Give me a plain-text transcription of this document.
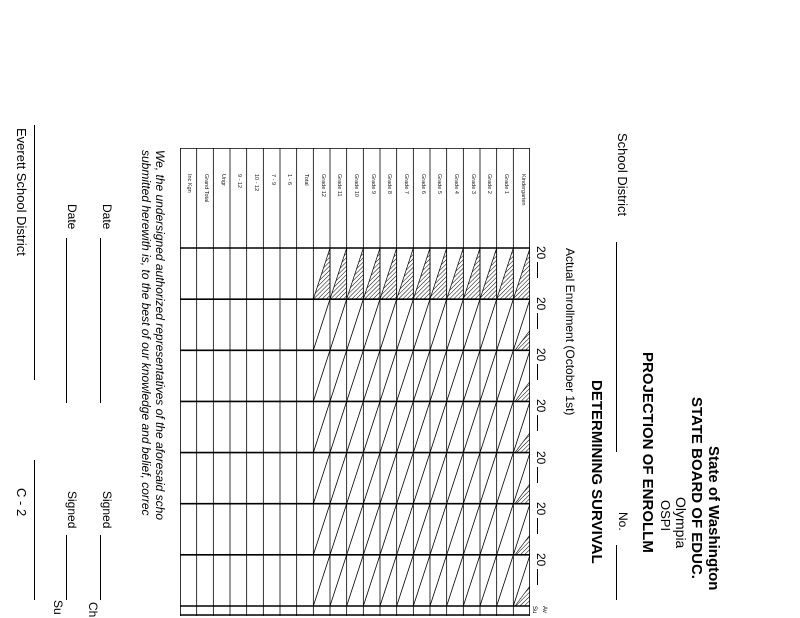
State of Washington
STATE BOARD OF EDUC.
Olympia
OSPI
PROJECTION OF ENROLLM
DETERMINING SURVIVAL
School District
No.
Actual Enrollment (October 1st)
20
20
20
20
20
20
20
Av
Su
Kindergarten
Grade 1
Grade 2
Grade 3
Grade 4
Grade 5
Grade 6
Grade 7
Grade 8
Grade 9
Grade 10
Grade 11
Grade 12
Total
1 - 6
7 - 9
10 - 12
9 - 12
Ungr
Grand Total
Inc Kgn
We, the undersigned authorized representatives of the aforesaid scho
submitted herewith is, to the best of our knowledge and belief, correc
Date
Signed
Ch
Date
Signed
Su
Everett School District
C - 2
